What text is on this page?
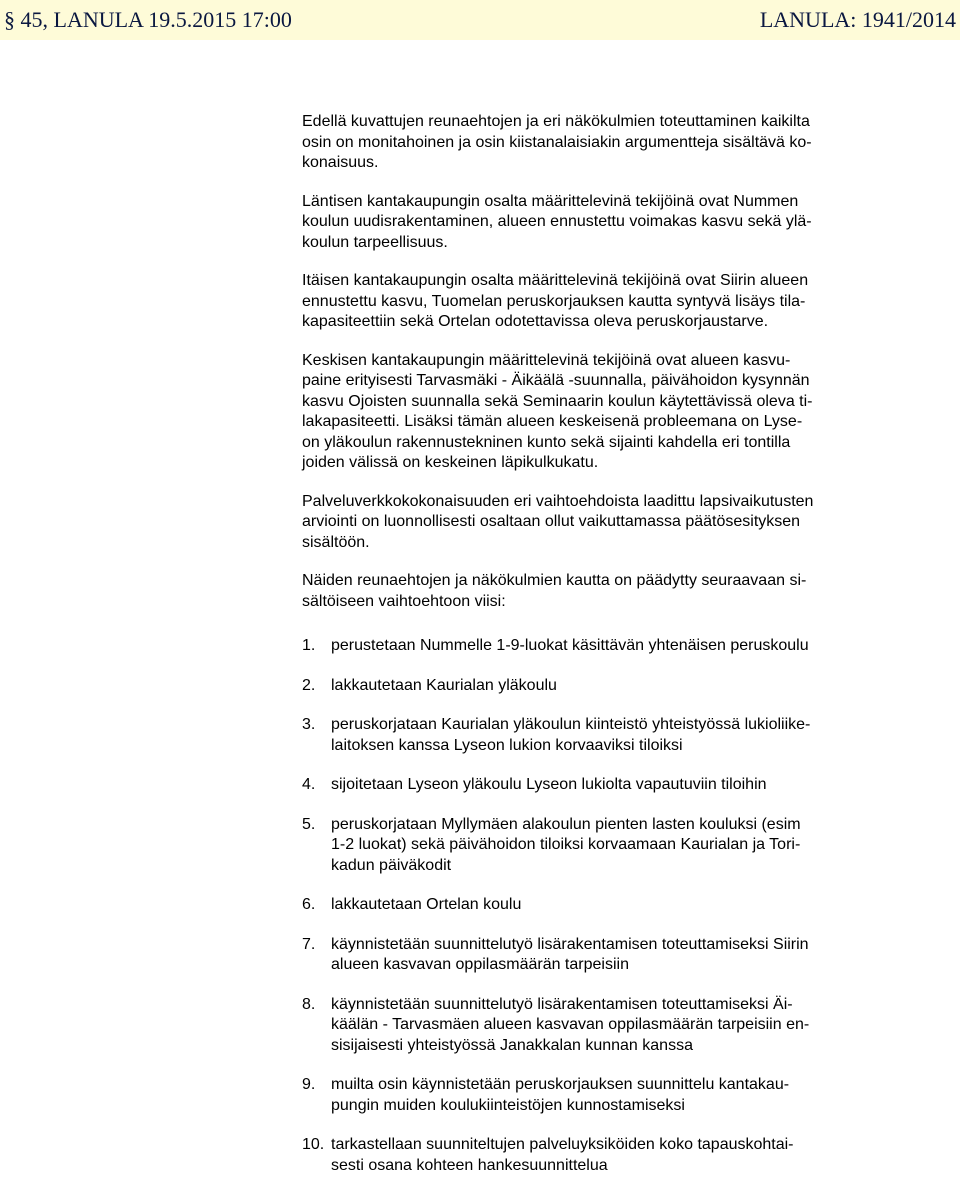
§ 45, LANULA 19.5.2015 17:00	LANULA: 1941/2014

Edellä kuvattujen reunaehtojen ja eri näkökulmien toteuttaminen kaikilta
osin on monitahoinen ja osin kiistanalaisiakin argumentteja sisältävä ko-
konaisuus.

Läntisen kantakaupungin osalta määrittelevinä tekijöinä ovat Nummen
koulun uudisrakentaminen, alueen ennustettu voimakas kasvu sekä ylä-
koulun tarpeellisuus.

Itäisen kantakaupungin osalta määrittelevinä tekijöinä ovat Siirin alueen
ennustettu kasvu, Tuomelan peruskorjauksen kautta syntyvä lisäys tila-
kapasiteettiin sekä Ortelan odotettavissa oleva peruskorjaustarve.

Keskisen kantakaupungin määrittelevinä tekijöinä ovat alueen kasvu-
paine erityisesti Tarvasmäki - Äikäälä -suunnalla, päivähoidon kysynnän
kasvu Ojoisten suunnalla sekä Seminaarin koulun käytettävissä oleva ti-
lakapasiteetti. Lisäksi tämän alueen keskeisenä probleemana on Lyse-
on yläkoulun rakennustekninen kunto sekä sijainti kahdella eri tontilla
joiden välissä on keskeinen läpikulkukatu.

Palveluverkkokokonaisuuden eri vaihtoehdoista laadittu lapsivaikutusten
arviointi on luonnollisesti osaltaan ollut vaikuttamassa päätösesityksen
sisältöön.

Näiden reunaehtojen ja näkökulmien kautta on päädytty seuraavaan si-
sältöiseen vaihtoehtoon viisi:

1. perustetaan Nummelle 1-9-luokat käsittävän yhtenäisen peruskoulu
2. lakkautetaan Kaurialan yläkoulu
3. peruskorjataan Kaurialan yläkoulun kiinteistö yhteistyössä lukioliike-
laitoksen kanssa Lyseon lukion korvaaviksi tiloiksi
4. sijoitetaan Lyseon yläkoulu Lyseon lukiolta vapautuviin tiloihin
5. peruskorjataan Myllymäen alakoulun pienten lasten kouluksi (esim
1-2 luokat) sekä päivähoidon tiloiksi korvaamaan Kaurialan ja Tori-
kadun päiväkodit
6. lakkautetaan Ortelan koulu
7. käynnistetään suunnittelutyö lisärakentamisen toteuttamiseksi Siirin
alueen kasvavan oppilasmäärän tarpeisiin
8. käynnistetään suunnittelutyö lisärakentamisen toteuttamiseksi Äi-
käälän - Tarvasmäen alueen kasvavan oppilasmäärän tarpeisiin en-
sisijaisesti yhteistyössä Janakkalan kunnan kanssa
9. muilta osin käynnistetään peruskorjauksen suunnittelu kantakau-
pungin muiden koulukiinteistöjen kunnostamiseksi
10. tarkastellaan suunniteltujen palveluyksiköiden koko tapauskohtai-
sesti osana kohteen hankesuunnittelua
